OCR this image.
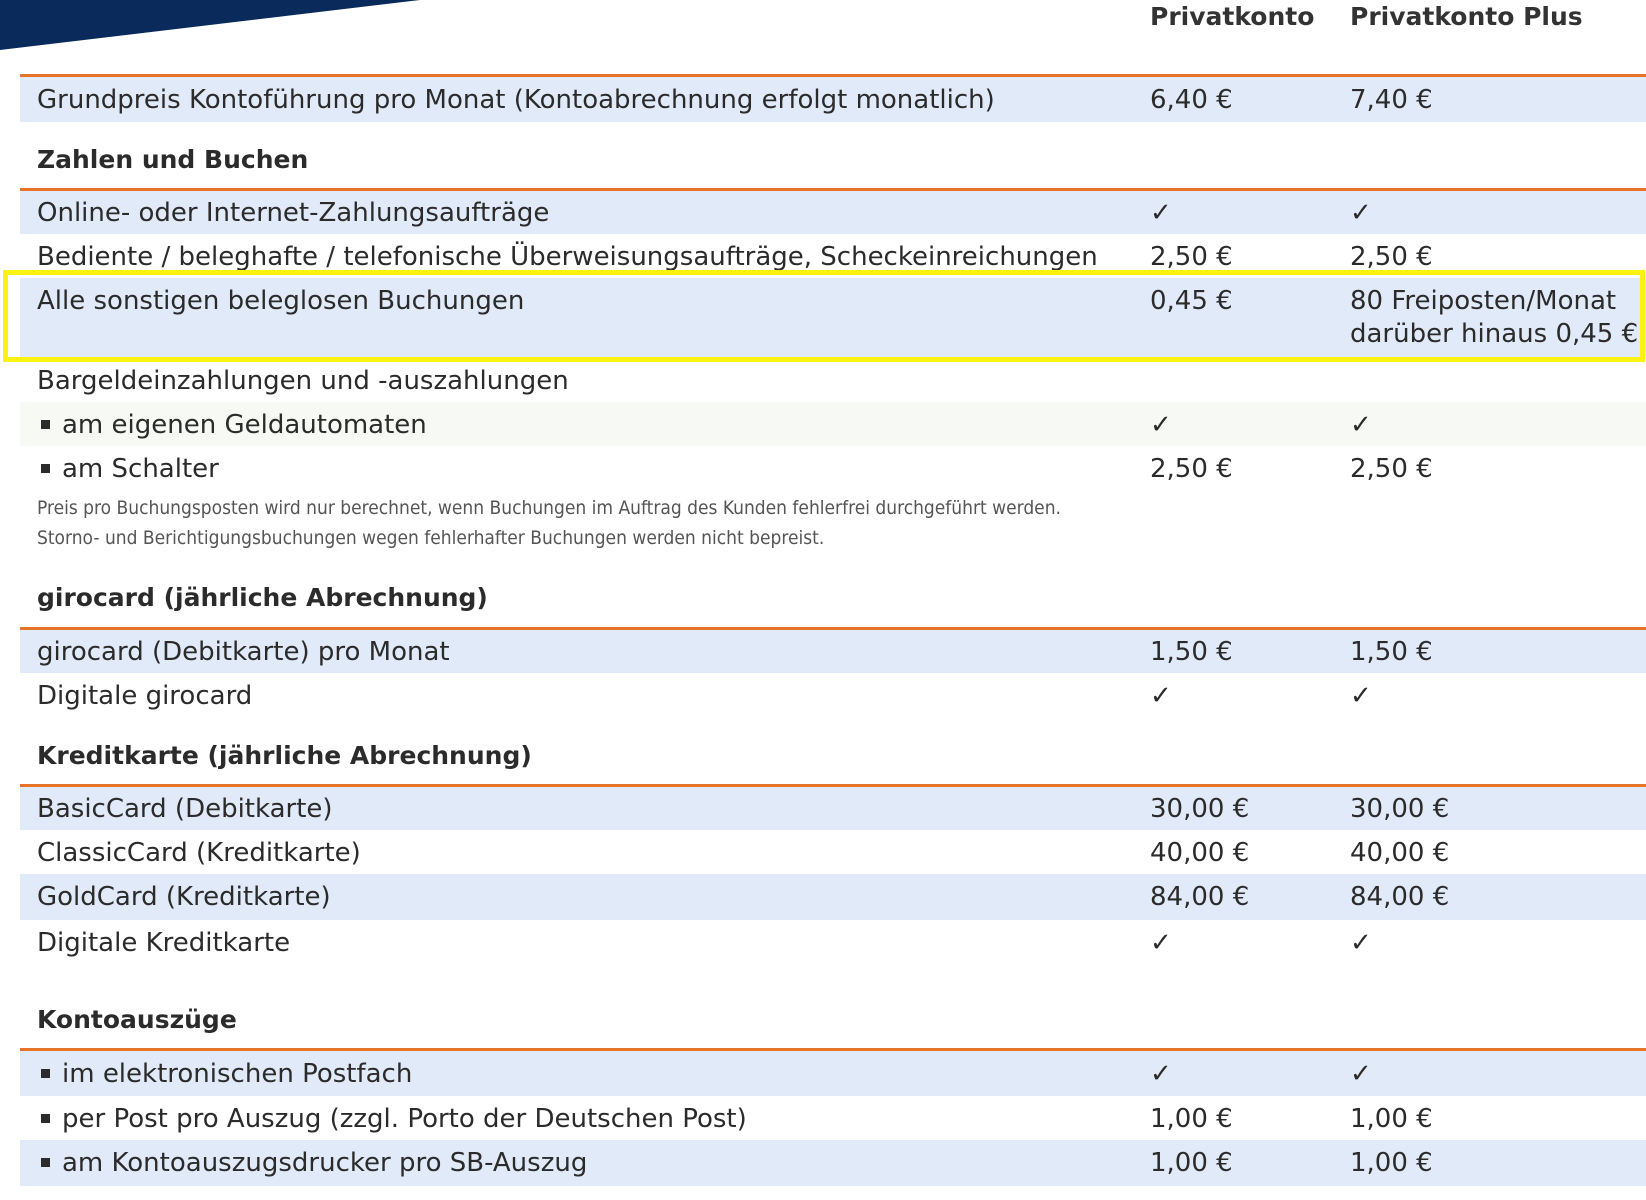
Privatkonto Privatkonto Plus
Grundpreis Kontoführung pro Monat (Kontoabrechnung erfolgt monatlich)	6,40 €	7,40 €
Zahlen und Buchen
Online- oder Internet-Zahlungsaufträge	✓	✓
Bediente / beleghafte / telefonische Überweisungsaufträge, Scheckeinreichungen 2,50 €	2,50 €
Alle sonstigen beleglosen Buchungen	0,45 €	80 Freiposten/Monat
darüber hinaus 0,45 €
Bargeldeinzahlungen und -auszahlungen
am eigenen Geldautomaten	✓	✓
am Schalter	2,50 €	2,50 €
Preis pro Buchungsposten wird nur berechnet, wenn Buchungen im Auftrag des Kunden fehlerfrei durchgeführt werden.
Storno- und Berichtigungsbuchungen wegen fehlerhafter Buchungen werden nicht bepreist.
girocard (jährliche Abrechnung)
girocard (Debitkarte) pro Monat	1,50 €	1,50 €
Digitale girocard	✓	✓
Kreditkarte (jährliche Abrechnung)
BasicCard (Debitkarte)	30,00 €	30,00 €
ClassicCard (Kreditkarte)	40,00 €	40,00 €
GoldCard (Kreditkarte)	84,00 €	84,00 €
Digitale Kreditkarte	✓	✓
Kontoauszüge
im elektronischen Postfach	✓	✓
per Post pro Auszug (zzgl. Porto der Deutschen Post)	1,00 €	1,00 €
am Kontoauszugsdrucker pro SB-Auszug	1,00 €	1,00 €
